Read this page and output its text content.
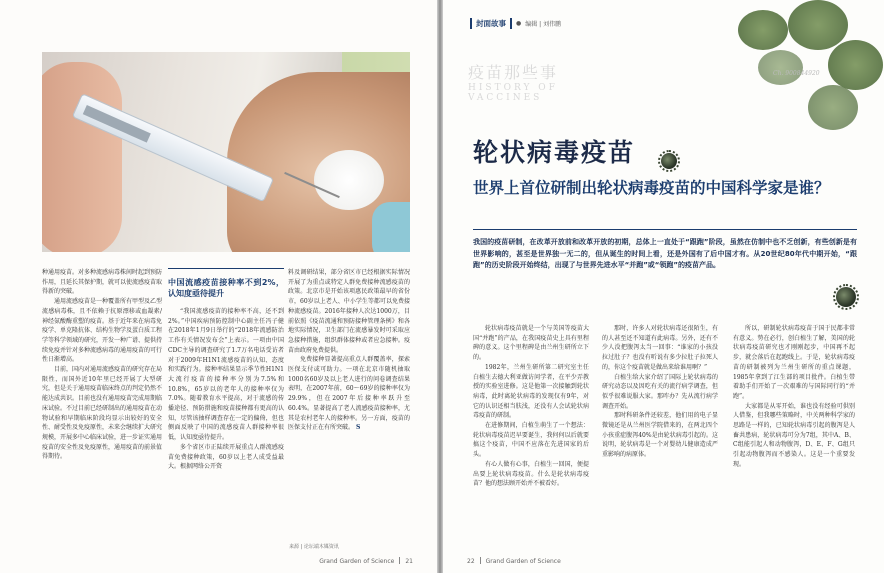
种通用疫苗。对多种流感病毒株间时起到预防作用，且延长其保护期，就可以使流感疫苗取得新的突破。

通用流感疫苗是一种覆盖所有甲型及乙型流感病毒株，且不依赖于抗原漂移或血凝素/神经氨酸酶重塑的疫苗。基于近年来在病毒免疫学、单克隆抗体、结构生物学及蛋白质工程学等科学领域的研究，开发一种广谱、提供持续免疫并针对多种流感病毒的通用疫苗的可行性日渐增高。

目前，国内对通用流感疫苗的研究存在局限性，而国外近10年里已经开展了大型研究，但是关于通用疫苗临床终点的判定仍然不能达成共识。目前也没有通用疫苗完成用期临床试验。不过目前已经研制出的通用疫苗在动物试验和早期临床阶段均显示出较好的安全性、耐受性及免疫原性，未来会继续扩大研究规模，开展多中心临床试验，进一步证实通用疫苗的安全性及免疫原性，通用疫苗的前景值得期待。

中国流感疫苗接种率不到2%，认知度亟待提升

“我国流感疫苗的接种率不高，还不到2%。”中国疾病预防控制中心副主任冯子健在2018年1月9日举行的“2018年流感防治工作有关情况发布会”上表示。一项由中国CDC主导的调查研究了1.7万名电话受访者对于2009年H1N1流感疫苗的认知、态度和实践行为。接种率结果显示季节性H1N1大流行疫苗的接种率分别为7.5%和10.8%，65岁以的老年人的接种率仅为7.0%。随着教育水平提高，对于流感的传播途径、预防措施和疫苗接种都有更高的认知，尽管该抽样调查存在一定的偏倚，但也侧面反映了中国的流感疫苗人群接种率很低，认知度亟待提升。

多个省区市正陆续开展重点人群流感疫苗免费接种政策，60岁以上老人成受益最大。根据网络公开资

料及调研结果，部分省区市已经根据实际情况开展了为重点或特定人群免费接种流感疫苗的政策。北京市是开始该项惠民政策最早的省份市，60岁以上老人、中小学生等都可以免费接种流感疫苗。2016年接种人次达1000万，目前依照《疫苗流通和预防接种管理条例》和各地实际情况，卫生部门在流感暴发时可采取应急接种措施，组织群体接种或者应急接种。疫苗由政府免费提供。

免费接种显著提高重点人群覆盖率，探索医保支付或可助力。一项在北京市随机抽取1000名60岁及以上老人进行的问卷调查结果表明，在2007年前，60～69岁的接种率仅为29.9%，但在2007年后接种率跃升至60.4%。显著提高了老人流感疫苗接种率，尤其是农村老年人的接种率。另一方面，疫苗的医保支付正在有所突破。 S

来源 | 论坛端木媒资讯
Grand Garden of Science 21
封面故事	● 编辑 | 刘伟鹏
疫苗那些事
HISTORY OF VACCINES
Ch. 900844920
轮状病毒疫苗
世界上首位研制出轮状病毒疫苗的中国科学家是谁？
我国的疫苗研制，在改革开放前和改革开放的初期，总体上一直处于“跟跑”阶段，虽然在仿制中也不乏创新，有些创新是有世界影响的，甚至是世界独一无二的，但从诞生的时间上看，还是外国有了后中国才有。从20世纪80年代中期开始，“跟跑”的历史阶段开始终结，出现了与世界先进水平“并跑”或“领跑”的疫苗产品。

轮状病毒疫苗就是一个与美国等疫苗大国“并跑”的产品，在我国疫苗史上具有里程碑的意义。这个里程碑是由兰州生研所立下的。

1982年，兰州生研所第二研究室主任白植生去德大利亚做访问学者，在平少弄教授的实验室进修。这是他第一次接触到轮状病毒，此时离轮状病毒的发现仅有9年，对它的认识还相当肤浅，还没有人会试轮状病毒疫苗的研制。

在进修期间，白植生萌生了一个想法：轮状病毒疫苗迟早要诞生，我何何以后就要搞这个疫苗，中国不应落在先进国家的后头。

有心人做有心事，白植生一回国，便提出要上轮状病毒疫苗。什么是轮状病毒疫苗？他的想法顾开始并不被看好。

那时，许多人对轮状病毒还很陌生，有的人甚至还不知道有此病毒。另外，还有不少人没把腹泻太当一回事：“谁家的小孩没拉过肚子？也没有听说有多少拉肚子拉死人的，你这个疫苗就是做出来给谁用啊？”

白植生给大家介绍了国际上轮状病毒的研究动态以及因吃有关的流行病学调查，但似乎很难说服大家。那咋办？先从流行病学调查开始。

那时科研条件还较差，他们用的电子显微镜还是从兰州医学院借来的，在两北四个小孩重症腹泻40%是由轮状病毒引起的。这说明，轮状病毒是一个对婴幼儿健康造成严重影响的病原体。

所以，研制轮状病毒疫苗于国于民都非常有意义。势在必行，创白植生了解，美国的轮状病毒疫苗研究也才刚刚起步，中国再不起步，就会落后在起跑线上。于是，轮状病毒疫苗的研制被列为兰州生研所的重点课题，1985年拿到了江生部的项目批件。白植生带着助手们开始了一次艰难的与国际同行的“并跑”。

大家都是从零开始，谁也没有经验可供别人借鉴，但我哪些策略时，中关两种科学家的思路是一样的，已知轮状病毒引起的腹泻是人畜共患病，轮状病毒可分为7组，其中A、B、C组能引起人和动物腹泻，D、E、F、G组只引起动物腹泻而不感染人。这是一个重要发现。

22 Grand Garden of Science
